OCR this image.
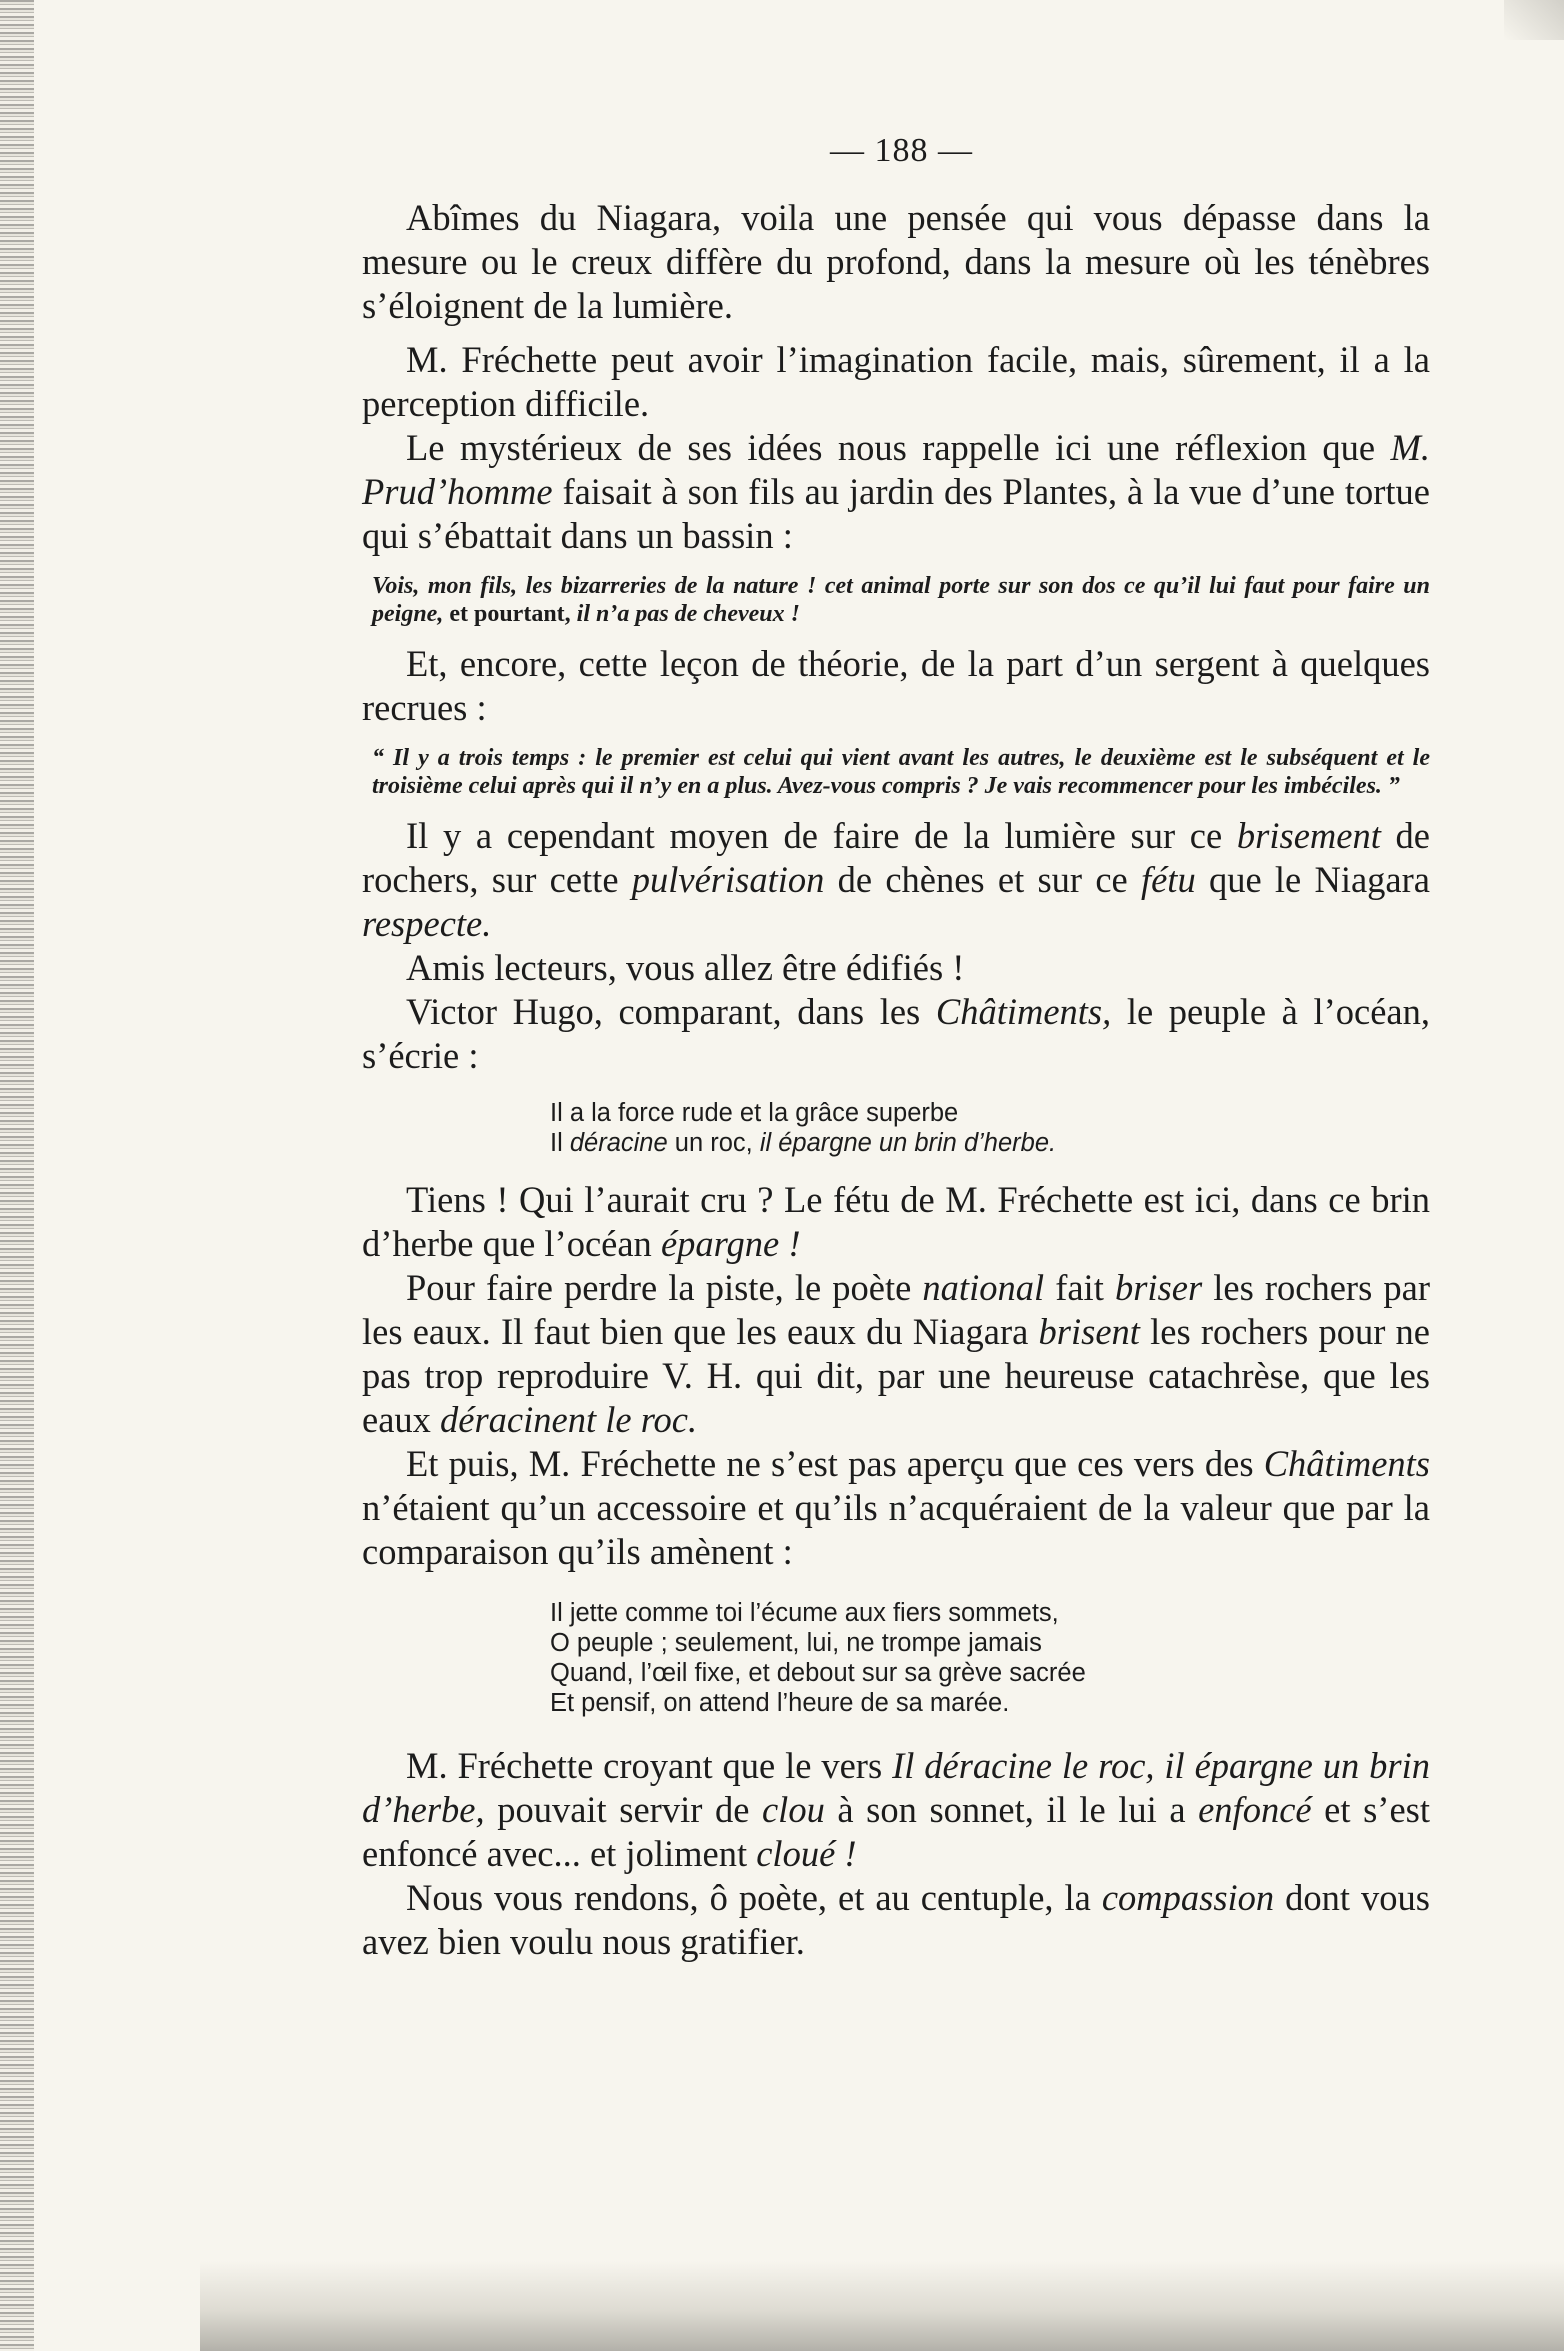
— 188 —

Abîmes du Niagara, voila une pensée qui vous dépasse dans la mesure ou le creux diffère du profond, dans la mesure où les ténèbres s’éloignent de la lumière.

M. Fréchette peut avoir l’imagination facile, mais, sûrement, il a la perception difficile.

Le mystérieux de ses idées nous rappelle ici une réflexion que M. Prud’homme faisait à son fils au jardin des Plantes, à la vue d’une tortue qui s’ébattait dans un bassin :

Vois, mon fils, les bizarreries de la nature ! cet animal porte sur son dos ce qu’il lui faut pour faire un peigne, et pourtant, il n’a pas de cheveux !

Et, encore, cette leçon de théorie, de la part d’un sergent à quelques recrues :

“ Il y a trois temps : le premier est celui qui vient avant les autres, le deuxième est le subséquent et le troisième celui après qui il n’y en a plus. Avez-vous compris ? Je vais recommencer pour les imbéciles. ”

Il y a cependant moyen de faire de la lumière sur ce brisement de rochers, sur cette pulvérisation de chènes et sur ce fétu que le Niagara respecte.

Amis lecteurs, vous allez être édifiés !

Victor Hugo, comparant, dans les Châtiments, le peuple à l’océan, s’écrie :

Il a la force rude et la grâce superbe
Il déracine un roc, il épargne un brin d’herbe.

Tiens ! Qui l’aurait cru ? Le fétu de M. Fréchette est ici, dans ce brin d’herbe que l’océan épargne !

Pour faire perdre la piste, le poète national fait briser les rochers par les eaux. Il faut bien que les eaux du Niagara brisent les rochers pour ne pas trop reproduire V. H. qui dit, par une heureuse catachrèse, que les eaux déracinent le roc.

Et puis, M. Fréchette ne s’est pas aperçu que ces vers des Châtiments n’étaient qu’un accessoire et qu’ils n’acquéraient de la valeur que par la comparaison qu’ils amènent :

Il jette comme toi l’écume aux fiers sommets,
O peuple ; seulement, lui, ne trompe jamais
Quand, l’œil fixe, et debout sur sa grève sacrée
Et pensif, on attend l’heure de sa marée.

M. Fréchette croyant que le vers Il déracine le roc, il épargne un brin d’herbe, pouvait servir de clou à son sonnet, il le lui a enfoncé et s’est enfoncé avec... et joliment cloué !

Nous vous rendons, ô poète, et au centuple, la compassion dont vous avez bien voulu nous gratifier.
